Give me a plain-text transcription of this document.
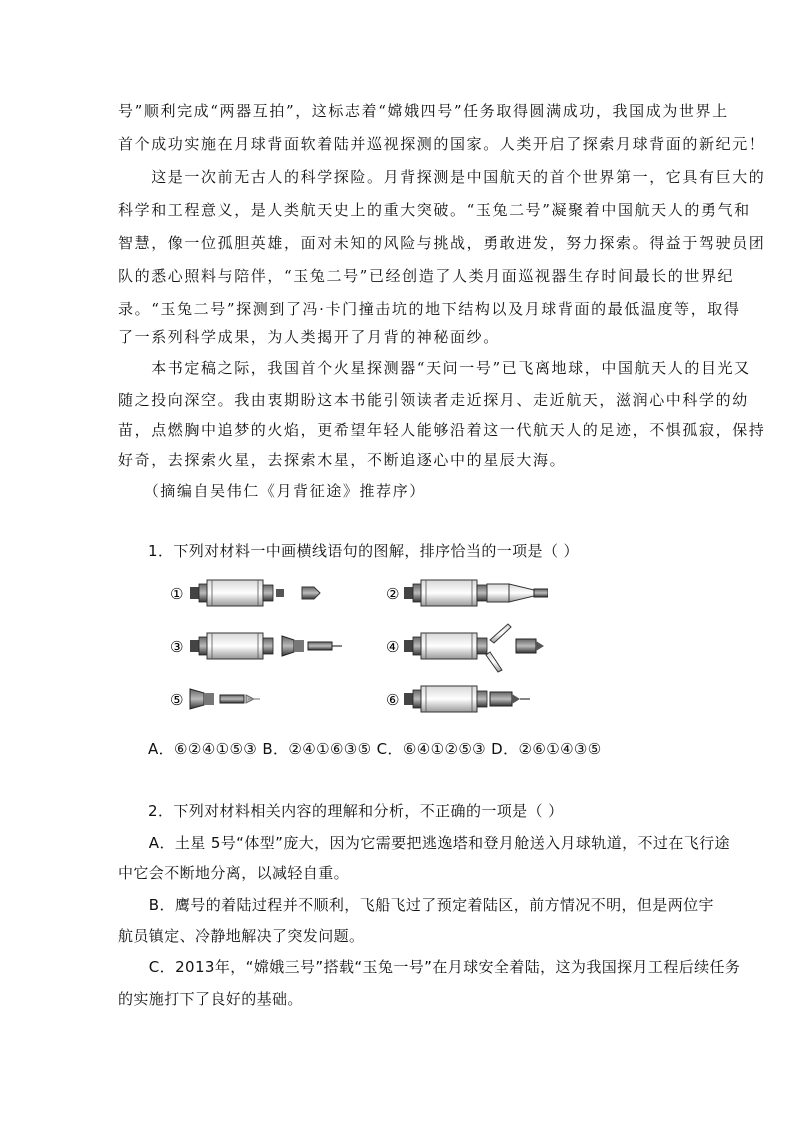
号”顺利完成“两器互拍”，这标志着“嫦娥四号”任务取得圆满成功，我国成为世界上
首个成功实施在月球背面软着陆并巡视探测的国家。人类开启了探索月球背面的新纪元！
　　这是一次前无古人的科学探险。月背探测是中国航天的首个世界第一，它具有巨大的
科学和工程意义，是人类航天史上的重大突破。“玉兔二号”凝聚着中国航天人的勇气和
智慧，像一位孤胆英雄，面对未知的风险与挑战，勇敢进发，努力探索。得益于驾驶员团
队的悉心照料与陪伴，“玉兔二号”已经创造了人类月面巡视器生存时间最长的世界纪
录。“玉兔二号”探测到了冯·卡门撞击坑的地下结构以及月球背面的最低温度等，取得
了一系列科学成果，为人类揭开了月背的神秘面纱。
　　本书定稿之际，我国首个火星探测器“天问一号”已飞离地球，中国航天人的目光又
随之投向深空。我由衷期盼这本书能引领读者走近探月、走近航天，滋润心中科学的幼
苗，点燃胸中追梦的火焰，更希望年轻人能够沿着这一代航天人的足迹，不惧孤寂，保持
好奇，去探索火星，去探索木星，不断追逐心中的星辰大海。
　　（摘编自吴伟仁《月背征途》推荐序）
1．下列对材料一中画横线语句的图解，排序恰当的一项是（ ）
①	②
③	④
⑤	⑥
A．⑥②④①⑤③ B．②④①⑥③⑤ C．⑥④①②⑤③ D．②⑥①④③⑤
2．下列对材料相关内容的理解和分析，不正确的一项是（ ）
　　A．土星 5号“体型”庞大，因为它需要把逃逸塔和登月舱送入月球轨道，不过在飞行途
中它会不断地分离，以减轻自重。
　　B．鹰号的着陆过程并不顺利，飞船飞过了预定着陆区，前方情况不明，但是两位宇
航员镇定、冷静地解决了突发问题。
　　C．2013年，“嫦娥三号”搭载“玉兔一号”在月球安全着陆，这为我国探月工程后续任务
的实施打下了良好的基础。
